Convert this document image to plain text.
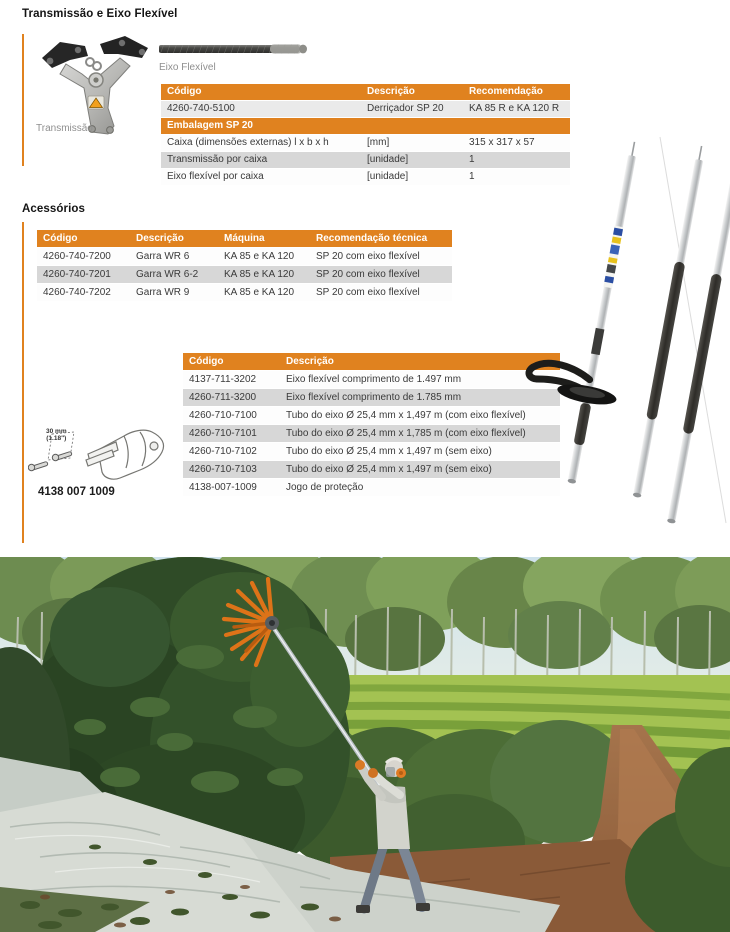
Transmissão e Eixo Flexível
Transmissão
Eixo Flexível
Código	Descrição	Recomendação
4260-740-5100	Derriçador SP 20	KA 85 R e KA 120 R
Embalagem SP 20
Caixa (dimensões externas) l x b x h	[mm]	315 x 317 x 57
Transmissão por caixa	[unidade]	1
Eixo flexível por caixa	[unidade]	1
Acessórios
Código	Descrição	Máquina	Recomendação técnica
4260-740-7200	Garra WR 6	KA 85 e KA 120	SP 20 com eixo flexível
4260-740-7201	Garra WR 6-2	KA 85 e KA 120	SP 20 com eixo flexível
4260-740-7202	Garra WR 9	KA 85 e KA 120	SP 20 com eixo flexível
Código	Descrição
4137-711-3202	Eixo flexível comprimento de 1.497 mm
4260-711-3200	Eixo flexível comprimento de 1.785 mm
4260-710-7100	Tubo do eixo Ø 25,4 mm x 1,497 m (com eixo flexível)
4260-710-7101	Tubo do eixo Ø 25,4 mm x 1,785 m (com eixo flexível)
4260-710-7102	Tubo do eixo Ø 25,4 mm x 1,497 m (sem eixo)
4260-710-7103	Tubo do eixo Ø 25,4 mm x 1,497 m (sem eixo)
4138-007-1009	Jogo de proteção
30 mm
(1.18")
4138 007 1009
